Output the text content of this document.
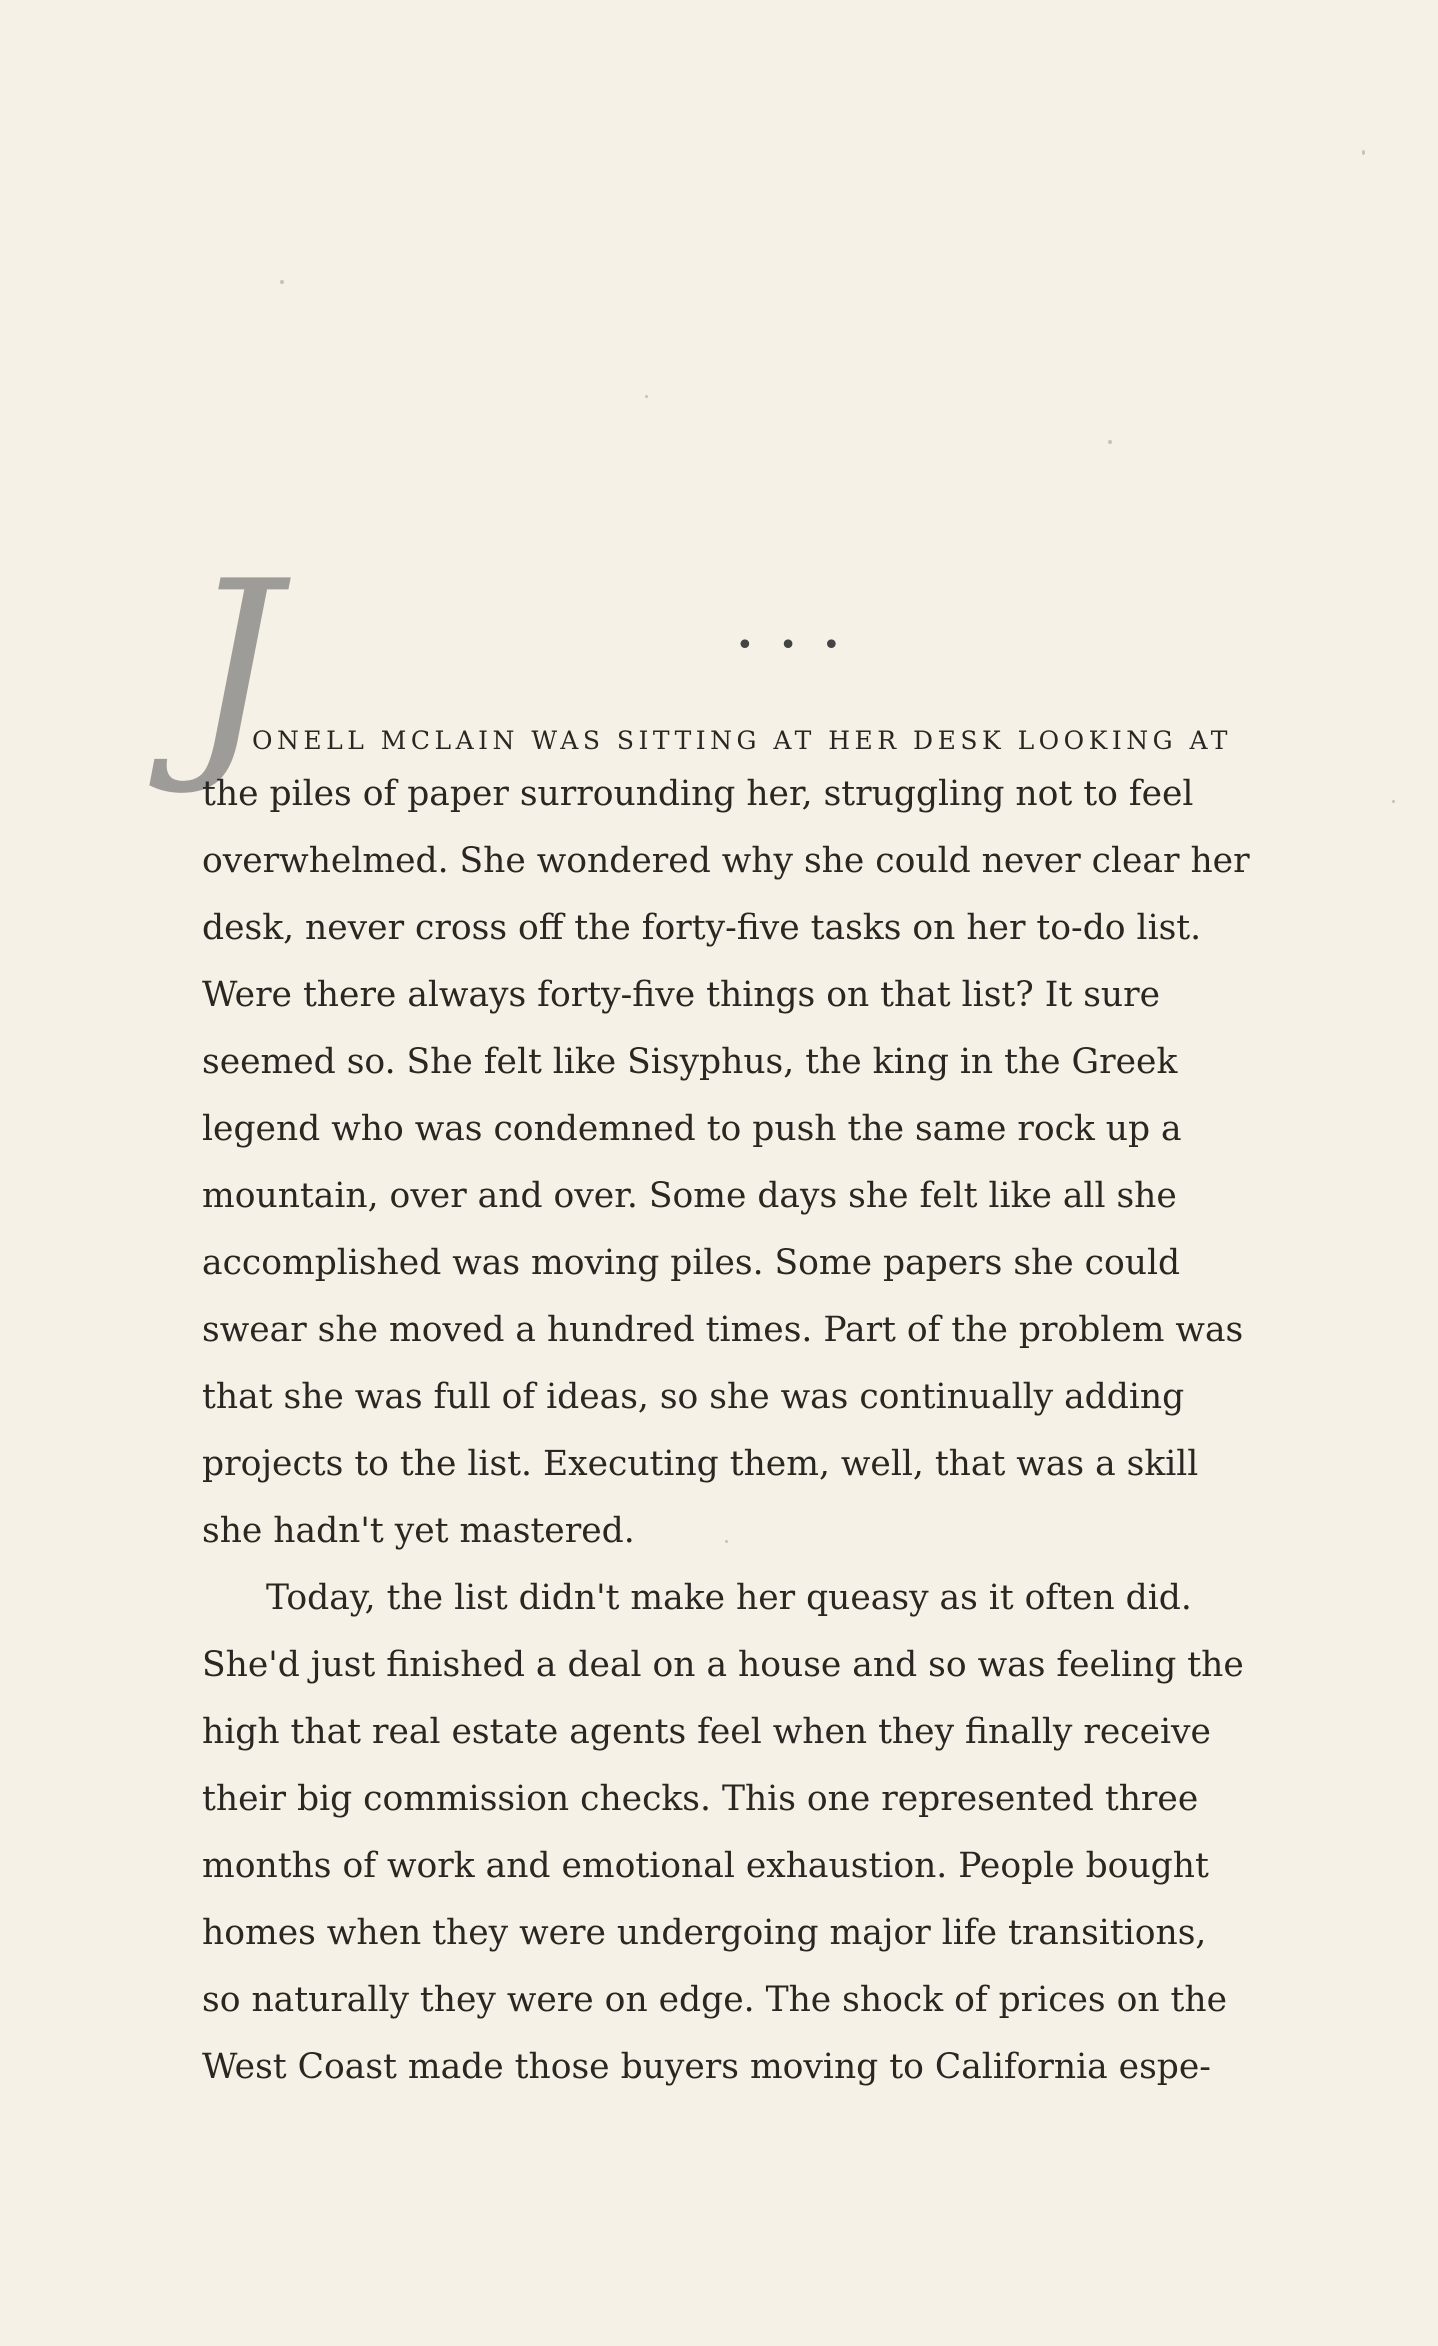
• • •
J
ONELL MCLAIN WAS SITTING AT HER DESK LOOKING AT
the piles of paper surrounding her, struggling not to feel
overwhelmed. She wondered why she could never clear her
desk, never cross off the forty-five tasks on her to-do list.
Were there always forty-five things on that list? It sure
seemed so. She felt like Sisyphus, the king in the Greek
legend who was condemned to push the same rock up a
mountain, over and over. Some days she felt like all she
accomplished was moving piles. Some papers she could
swear she moved a hundred times. Part of the problem was
that she was full of ideas, so she was continually adding
projects to the list. Executing them, well, that was a skill
she hadn't yet mastered.
Today, the list didn't make her queasy as it often did.
She'd just finished a deal on a house and so was feeling the
high that real estate agents feel when they finally receive
their big commission checks. This one represented three
months of work and emotional exhaustion. People bought
homes when they were undergoing major life transitions,
so naturally they were on edge. The shock of prices on the
West Coast made those buyers moving to California espe-
